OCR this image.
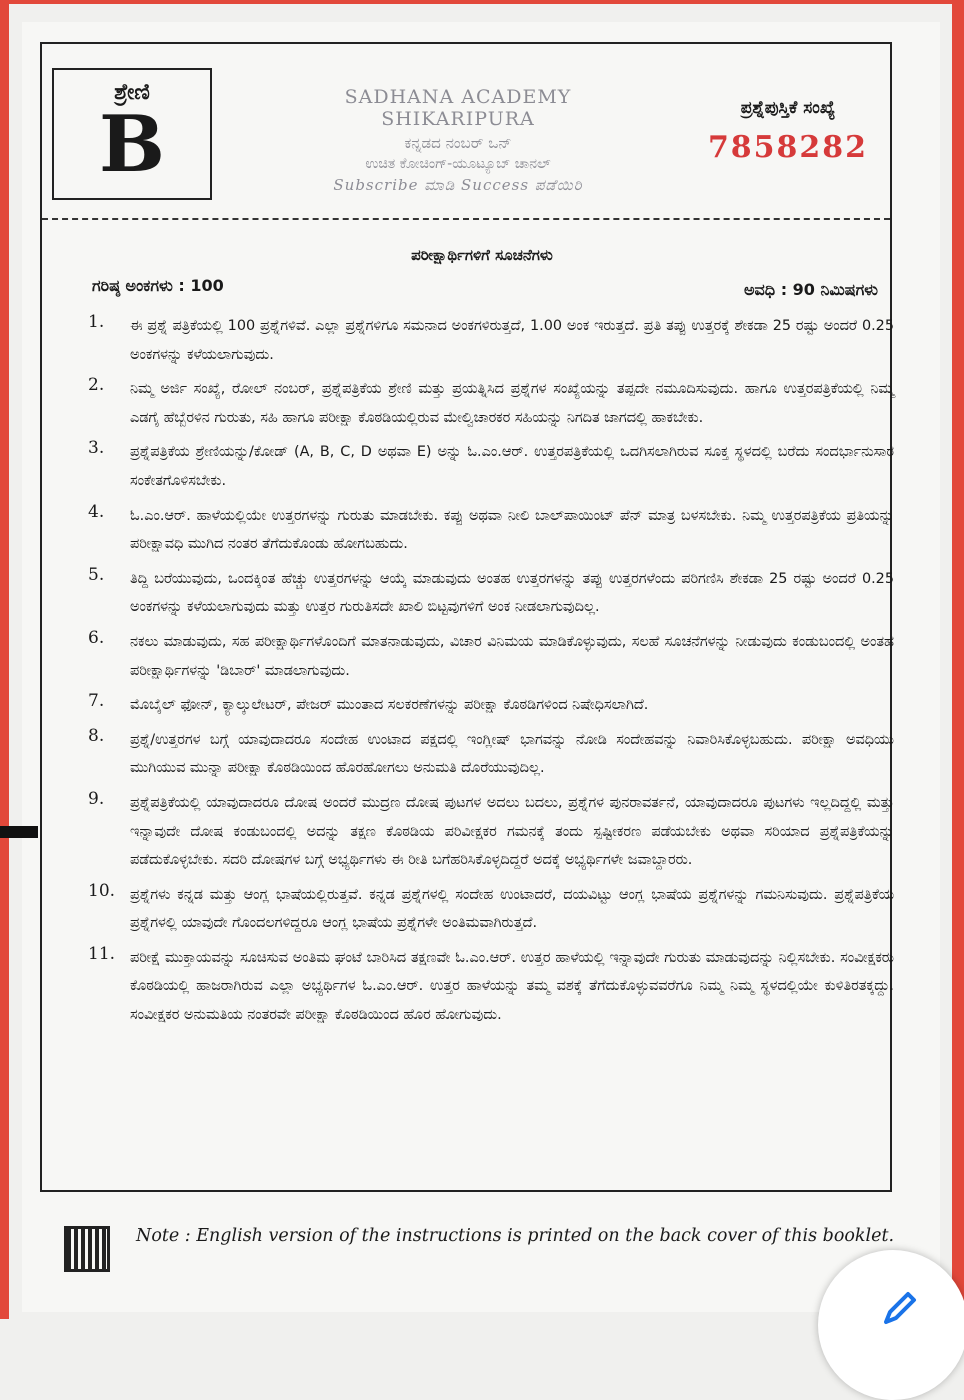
ಶ್ರೇಣಿ
B
SADHANA ACADEMY SHIKARIPURA
ಕನ್ನಡದ ನಂಬರ್ ಒನ್
ಉಚಿತ ಕೋಚಿಂಗ್-ಯೂಟ್ಯೂಬ್ ಚಾನಲ್
Subscribe ಮಾಡಿ Success ಪಡೆಯಿರಿ
ಪ್ರಶ್ನೆಪುಸ್ತಿಕೆ ಸಂಖ್ಯೆ
7858282
ಪರೀಕ್ಷಾರ್ಥಿಗಳಿಗೆ ಸೂಚನೆಗಳು
ಗರಿಷ್ಠ ಅಂಕಗಳು : 100	ಅವಧಿ : 90 ನಿಮಿಷಗಳು
1. ಈ ಪ್ರಶ್ನೆ ಪತ್ರಿಕೆಯಲ್ಲಿ 100 ಪ್ರಶ್ನೆಗಳಿವೆ. ಎಲ್ಲಾ ಪ್ರಶ್ನೆಗಳಿಗೂ ಸಮನಾದ ಅಂಕಗಳಿರುತ್ತದೆ, 1.00 ಅಂಕ ಇರುತ್ತದೆ. ಪ್ರತಿ ತಪ್ಪು ಉತ್ತರಕ್ಕೆ ಶೇಕಡಾ 25 ರಷ್ಟು ಅಂದರೆ 0.25 ಅಂಕಗಳನ್ನು ಕಳೆಯಲಾಗುವುದು.
2. ನಿಮ್ಮ ಅರ್ಜಿ ಸಂಖ್ಯೆ, ರೋಲ್ ನಂಬರ್, ಪ್ರಶ್ನೆಪತ್ರಿಕೆಯ ಶ್ರೇಣಿ ಮತ್ತು ಪ್ರಯತ್ನಿಸಿದ ಪ್ರಶ್ನೆಗಳ ಸಂಖ್ಯೆಯನ್ನು ತಪ್ಪದೇ ನಮೂದಿಸುವುದು. ಹಾಗೂ ಉತ್ತರಪತ್ರಿಕೆಯಲ್ಲಿ ನಿಮ್ಮ ಎಡಗೈ ಹೆಬ್ಬೆರಳಿನ ಗುರುತು, ಸಹಿ ಹಾಗೂ ಪರೀಕ್ಷಾ ಕೊಠಡಿಯಲ್ಲಿರುವ ಮೇಲ್ವಿಚಾರಕರ ಸಹಿಯನ್ನು ನಿಗದಿತ ಜಾಗದಲ್ಲಿ ಹಾಕಬೇಕು.
3. ಪ್ರಶ್ನೆಪತ್ರಿಕೆಯ ಶ್ರೇಣಿಯನ್ನು/ಕೋಡ್ (A, B, C, D ಅಥವಾ E) ಅನ್ನು ಓ.ಎಂ.ಆರ್. ಉತ್ತರಪತ್ರಿಕೆಯಲ್ಲಿ ಒದಗಿಸಲಾಗಿರುವ ಸೂಕ್ತ ಸ್ಥಳದಲ್ಲಿ ಬರೆದು ಸಂದರ್ಭಾನುಸಾರ ಸಂಕೇತಗೊಳಿಸಬೇಕು.
4. ಓ.ಎಂ.ಆರ್. ಹಾಳೆಯಲ್ಲಿಯೇ ಉತ್ತರಗಳನ್ನು ಗುರುತು ಮಾಡಬೇಕು. ಕಪ್ಪು ಅಥವಾ ನೀಲಿ ಬಾಲ್‌ಪಾಯಿಂಟ್ ಪೆನ್ ಮಾತ್ರ ಬಳಸಬೇಕು. ನಿಮ್ಮ ಉತ್ತರಪತ್ರಿಕೆಯ ಪ್ರತಿಯನ್ನು ಪರೀಕ್ಷಾವಧಿ ಮುಗಿದ ನಂತರ ತೆಗೆದುಕೊಂಡು ಹೋಗಬಹುದು.
5. ತಿದ್ದಿ ಬರೆಯುವುದು, ಒಂದಕ್ಕಿಂತ ಹೆಚ್ಚು ಉತ್ತರಗಳನ್ನು ಆಯ್ಕೆ ಮಾಡುವುದು ಅಂತಹ ಉತ್ತರಗಳನ್ನು ತಪ್ಪು ಉತ್ತರಗಳೆಂದು ಪರಿಗಣಿಸಿ ಶೇಕಡಾ 25 ರಷ್ಟು ಅಂದರೆ 0.25 ಅಂಕಗಳನ್ನು ಕಳೆಯಲಾಗುವುದು ಮತ್ತು ಉತ್ತರ ಗುರುತಿಸದೇ ಖಾಲಿ ಬಿಟ್ಟವುಗಳಿಗೆ ಅಂಕ ನೀಡಲಾಗುವುದಿಲ್ಲ.
6. ನಕಲು ಮಾಡುವುದು, ಸಹ ಪರೀಕ್ಷಾರ್ಥಿಗಳೊಂದಿಗೆ ಮಾತನಾಡುವುದು, ವಿಚಾರ ವಿನಿಮಯ ಮಾಡಿಕೊಳ್ಳುವುದು, ಸಲಹೆ ಸೂಚನೆಗಳನ್ನು ನೀಡುವುದು ಕಂಡುಬಂದಲ್ಲಿ ಅಂತಹ ಪರೀಕ್ಷಾರ್ಥಿಗಳನ್ನು 'ಡಿಬಾರ್' ಮಾಡಲಾಗುವುದು.
7. ಮೊಬೈಲ್ ಫೋನ್, ಕ್ಯಾಲ್ಕುಲೇಟರ್, ಪೇಜರ್ ಮುಂತಾದ ಸಲಕರಣೆಗಳನ್ನು ಪರೀಕ್ಷಾ ಕೊಠಡಿಗಳಿಂದ ನಿಷೇಧಿಸಲಾಗಿದೆ.
8. ಪ್ರಶ್ನೆ/ಉತ್ತರಗಳ ಬಗ್ಗೆ ಯಾವುದಾದರೂ ಸಂದೇಹ ಉಂಟಾದ ಪಕ್ಷದಲ್ಲಿ ಇಂಗ್ಲೀಷ್ ಭಾಗವನ್ನು ನೋಡಿ ಸಂದೇಹವನ್ನು ನಿವಾರಿಸಿಕೊಳ್ಳಬಹುದು. ಪರೀಕ್ಷಾ ಅವಧಿಯು ಮುಗಿಯುವ ಮುನ್ನಾ ಪರೀಕ್ಷಾ ಕೊಠಡಿಯಿಂದ ಹೊರಹೋಗಲು ಅನುಮತಿ ದೊರೆಯುವುದಿಲ್ಲ.
9. ಪ್ರಶ್ನೆಪತ್ರಿಕೆಯಲ್ಲಿ ಯಾವುದಾದರೂ ದೋಷ ಅಂದರೆ ಮುದ್ರಣ ದೋಷ ಪುಟಗಳ ಅದಲು ಬದಲು, ಪ್ರಶ್ನೆಗಳ ಪುನರಾವರ್ತನೆ, ಯಾವುದಾದರೂ ಪುಟಗಳು ಇಲ್ಲದಿದ್ದಲ್ಲಿ ಮತ್ತು ಇನ್ನಾವುದೇ ದೋಷ ಕಂಡುಬಂದಲ್ಲಿ ಅದನ್ನು ತಕ್ಷಣ ಕೊಠಡಿಯ ಪರಿವೀಕ್ಷಕರ ಗಮನಕ್ಕೆ ತಂದು ಸ್ಪಷ್ಟೀಕರಣ ಪಡೆಯಬೇಕು ಅಥವಾ ಸರಿಯಾದ ಪ್ರಶ್ನೆಪತ್ರಿಕೆಯನ್ನು ಪಡೆದುಕೊಳ್ಳಬೇಕು. ಸದರಿ ದೋಷಗಳ ಬಗ್ಗೆ ಅಭ್ಯರ್ಥಿಗಳು ಈ ರೀತಿ ಬಗೆಹರಿಸಿಕೊಳ್ಳದಿದ್ದರೆ ಅದಕ್ಕೆ ಅಭ್ಯರ್ಥಿಗಳೇ ಜವಾಬ್ದಾರರು.
10. ಪ್ರಶ್ನೆಗಳು ಕನ್ನಡ ಮತ್ತು ಆಂಗ್ಲ ಭಾಷೆಯಲ್ಲಿರುತ್ತವೆ. ಕನ್ನಡ ಪ್ರಶ್ನೆಗಳಲ್ಲಿ ಸಂದೇಹ ಉಂಟಾದರೆ, ದಯವಿಟ್ಟು ಆಂಗ್ಲ ಭಾಷೆಯ ಪ್ರಶ್ನೆಗಳನ್ನು ಗಮನಿಸುವುದು. ಪ್ರಶ್ನೆಪತ್ರಿಕೆಯ ಪ್ರಶ್ನೆಗಳಲ್ಲಿ ಯಾವುದೇ ಗೊಂದಲಗಳಿದ್ದರೂ ಆಂಗ್ಲ ಭಾಷೆಯ ಪ್ರಶ್ನೆಗಳೇ ಅಂತಿಮವಾಗಿರುತ್ತದೆ.
11. ಪರೀಕ್ಷೆ ಮುಕ್ತಾಯವನ್ನು ಸೂಚಿಸುವ ಅಂತಿಮ ಘಂಟೆ ಬಾರಿಸಿದ ತಕ್ಷಣವೇ ಓ.ಎಂ.ಆರ್. ಉತ್ತರ ಹಾಳೆಯಲ್ಲಿ ಇನ್ನಾವುದೇ ಗುರುತು ಮಾಡುವುದನ್ನು ನಿಲ್ಲಿಸಬೇಕು. ಸಂವೀಕ್ಷಕರು ಕೊಠಡಿಯಲ್ಲಿ ಹಾಜರಾಗಿರುವ ಎಲ್ಲಾ ಅಭ್ಯರ್ಥಿಗಳ ಓ.ಎಂ.ಆರ್. ಉತ್ತರ ಹಾಳೆಯನ್ನು ತಮ್ಮ ವಶಕ್ಕೆ ತೆಗೆದುಕೊಳ್ಳುವವರೆಗೂ ನಿಮ್ಮ ನಿಮ್ಮ ಸ್ಥಳದಲ್ಲಿಯೇ ಕುಳಿತಿರತಕ್ಕದ್ದು. ಸಂವೀಕ್ಷಕರ ಅನುಮತಿಯ ನಂತರವೇ ಪರೀಕ್ಷಾ ಕೊಠಡಿಯಿಂದ ಹೊರ ಹೋಗುವುದು.
Note : English version of the instructions is printed on the back cover of this booklet.
